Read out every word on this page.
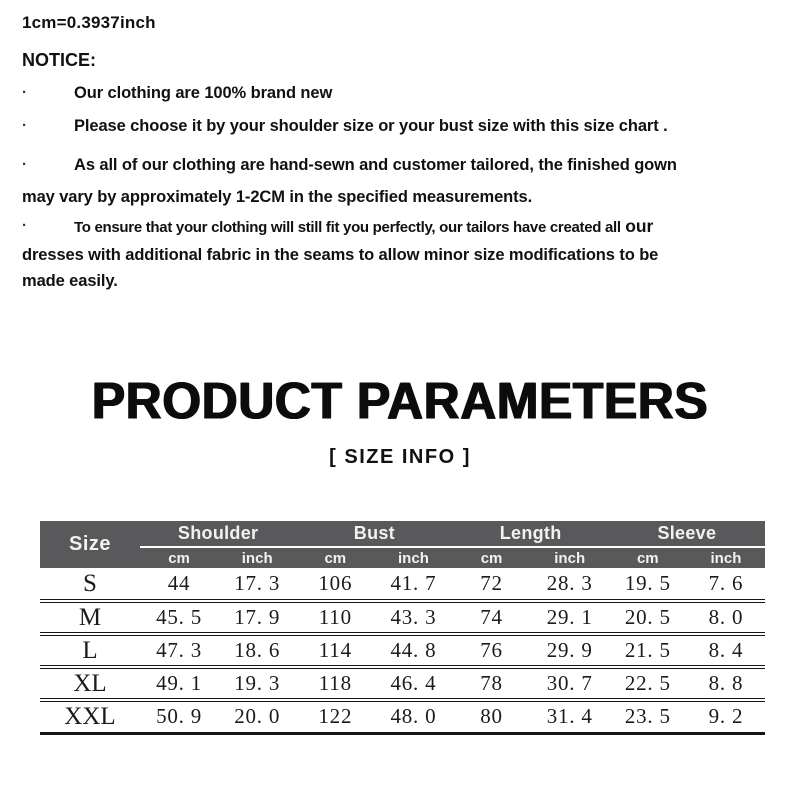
1cm=0.3937inch
NOTICE:

·	Our clothing are 100% brand new

·	Please choose it by your shoulder size or your bust size with this size chart .

·	As all of our clothing are hand-sewn and customer tailored, the finished gown
may vary by approximately 1-2CM in the specified measurements.

·	To ensure that your clothing will still fit you perfectly, our tailors have created all our
dresses with additional fabric in the seams to allow minor size modifications to be
made easily.

PRODUCT PARAMETERS
[ SIZE INFO ]
Size	Shoulder		Bust		Length		Sleeve	
	cm	inch	cm	inch	cm	inch	cm	inch
S	44	17. 3	106	41. 7	72	28. 3	19. 5	7. 6
M	45. 5	17. 9	110	43. 3	74	29. 1	20. 5	8. 0
L	47. 3	18. 6	114	44. 8	76	29. 9	21. 5	8. 4
XL	49. 1	19. 3	118	46. 4	78	30. 7	22. 5	8. 8
XXL	50. 9	20. 0	122	48. 0	80	31. 4	23. 5	9. 2
